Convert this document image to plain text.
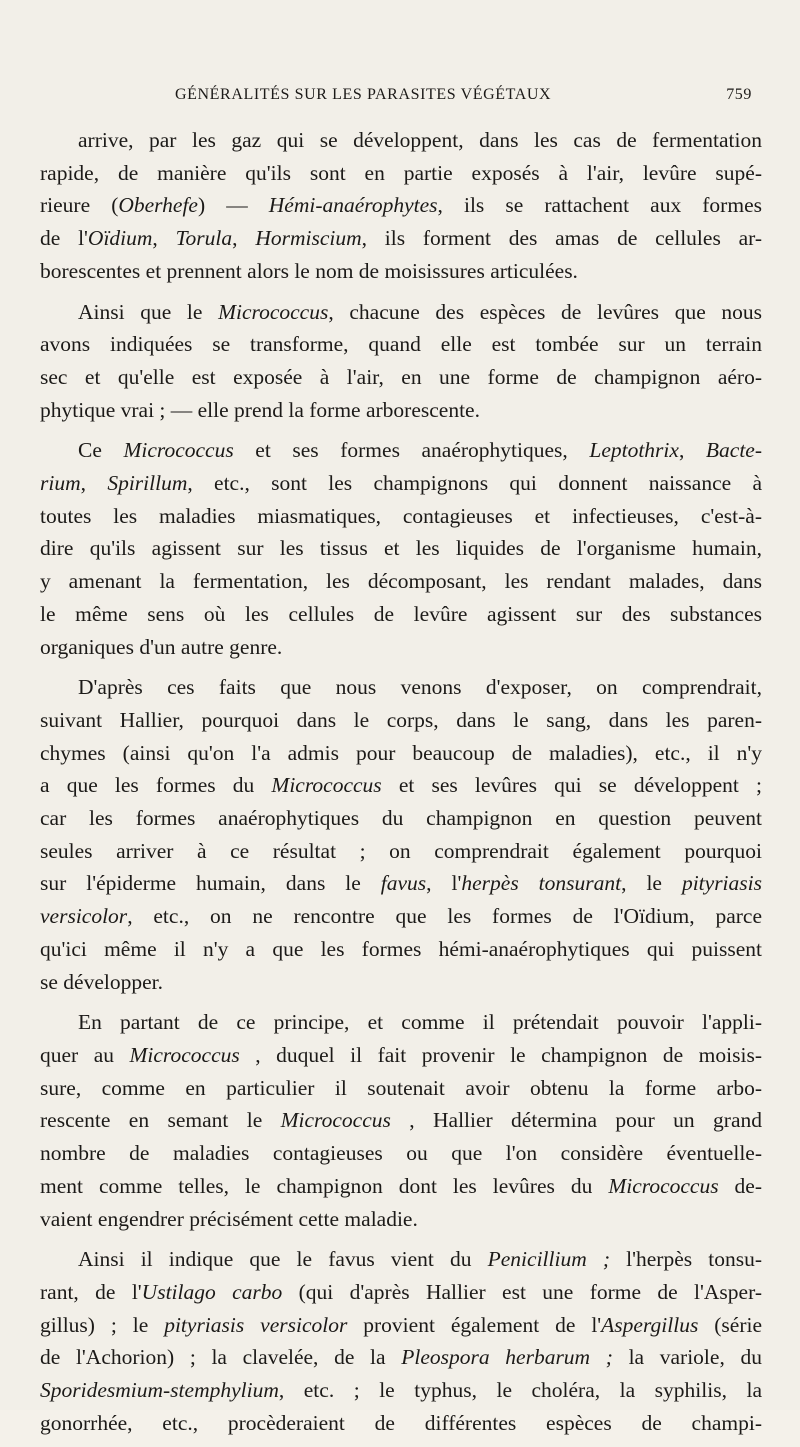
GÉNÉRALITÉS SUR LES PARASITES VÉGÉTAUX	759
arrive, par les gaz qui se développent, dans les cas de fermentation
rapide, de manière qu'ils sont en partie exposés à l'air, levûre supé-
rieure (Oberhefe) — Hémi-anaérophytes, ils se rattachent aux formes
de l'Oïdium, Torula, Hormiscium, ils forment des amas de cellules ar-
borescentes et prennent alors le nom de moisissures articulées.
Ainsi que le Micrococcus, chacune des espèces de levûres que nous
avons indiquées se transforme, quand elle est tombée sur un terrain
sec et qu'elle est exposée à l'air, en une forme de champignon aéro-
phytique vrai ; — elle prend la forme arborescente.
Ce Micrococcus et ses formes anaérophytiques, Leptothrix, Bacte-
rium, Spirillum, etc., sont les champignons qui donnent naissance à
toutes les maladies miasmatiques, contagieuses et infectieuses, c'est-à-
dire qu'ils agissent sur les tissus et les liquides de l'organisme humain,
y amenant la fermentation, les décomposant, les rendant malades, dans
le même sens où les cellules de levûre agissent sur des substances
organiques d'un autre genre.
D'après ces faits que nous venons d'exposer, on comprendrait,
suivant Hallier, pourquoi dans le corps, dans le sang, dans les paren-
chymes (ainsi qu'on l'a admis pour beaucoup de maladies), etc., il n'y
a que les formes du Micrococcus et ses levûres qui se développent ;
car les formes anaérophytiques du champignon en question peuvent
seules arriver à ce résultat ; on comprendrait également pourquoi
sur l'épiderme humain, dans le favus, l'herpès tonsurant, le pityriasis
versicolor, etc., on ne rencontre que les formes de l'Oïdium, parce
qu'ici même il n'y a que les formes hémi-anaérophytiques qui puissent
se développer.
En partant de ce principe, et comme il prétendait pouvoir l'appli-
quer au Micrococcus , duquel il fait provenir le champignon de moisis-
sure, comme en particulier il soutenait avoir obtenu la forme arbo-
rescente en semant le Micrococcus , Hallier détermina pour un grand
nombre de maladies contagieuses ou que l'on considère éventuelle-
ment comme telles, le champignon dont les levûres du Micrococcus de-
vaient engendrer précisément cette maladie.
Ainsi il indique que le favus vient du Penicillium ; l'herpès tonsu-
rant, de l'Ustilago carbo (qui d'après Hallier est une forme de l'Asper-
gillus) ; le pityriasis versicolor provient également de l'Aspergillus (série
de l'Achorion) ; la clavelée, de la Pleospora herbarum ; la variole, du
Sporidesmium-stemphylium, etc. ; le typhus, le choléra, la syphilis, la
gonorrhée, etc., procèderaient de différentes espèces de champi-
